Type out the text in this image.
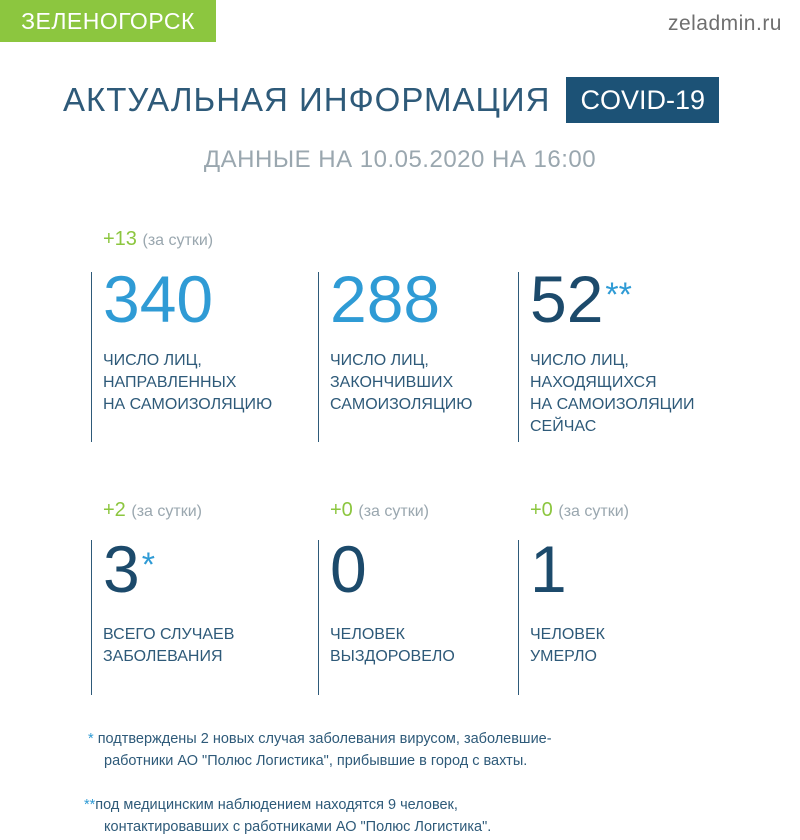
ЗЕЛЕНОГОРСК	zeladmin.ru
АКТУАЛЬНАЯ ИНФОРМАЦИЯ	COVID-19
ДАННЫЕ НА 10.05.2020 НА 16:00
+13 (за сутки)
340
ЧИСЛО ЛИЦ,
НАПРАВЛЕННЫХ
НА САМОИЗОЛЯЦИЮ
288
ЧИСЛО ЛИЦ,
ЗАКОНЧИВШИХ
САМОИЗОЛЯЦИЮ
52**
ЧИСЛО ЛИЦ,
НАХОДЯЩИХСЯ
НА САМОИЗОЛЯЦИИ
СЕЙЧАС
+2 (за сутки)
3*
ВСЕГО СЛУЧАЕВ
ЗАБОЛЕВАНИЯ
+0 (за сутки)
0
ЧЕЛОВЕК
ВЫЗДОРОВЕЛО
+0 (за сутки)
1
ЧЕЛОВЕК
УМЕРЛО
* подтверждены 2 новых случая заболевания вирусом, заболевшие-
работники АО "Полюс Логистика", прибывшие в город с вахты.
**под медицинским наблюдением находятся 9 человек,
контактировавших с работниками АО "Полюс Логистика".
